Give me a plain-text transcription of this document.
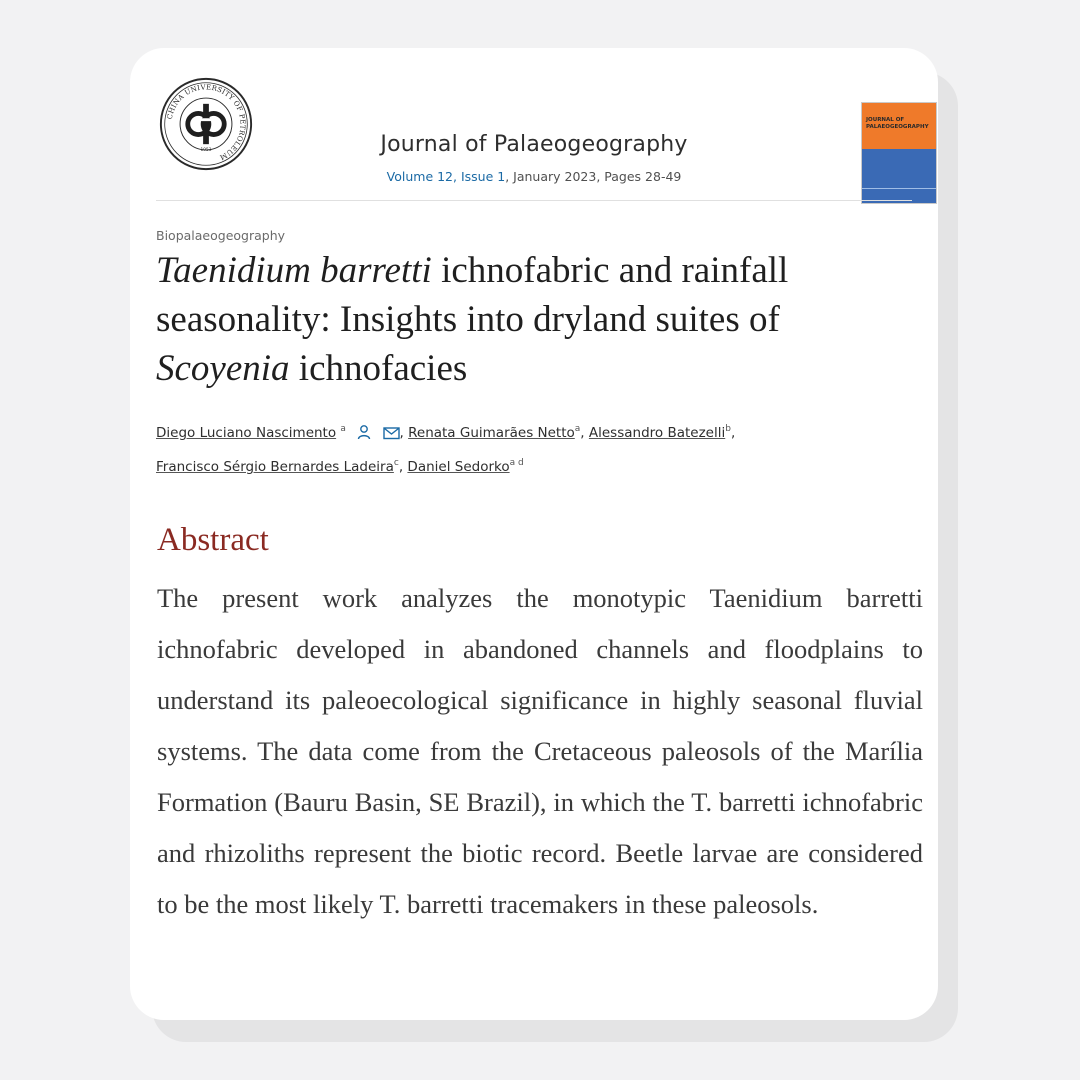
CHINA UNIVERSITY OF PETROLEUM
1953	Journal of Palaeogeography
Volume 12, Issue 1, January 2023, Pages 28-49
JOURNAL OF PALAEOGEOGRAPHY
Biopalaeogeography
Taenidium barretti ichnofabric and rainfall seasonality: Insights into dryland suites of Scoyenia ichnofacies
Diego Luciano Nascimento $^a$	, Renata Guimarães Netto$^a$, Alessandro Batezelli$^b$,
Francisco Sérgio Bernardes Ladeira$^c$, Daniel Sedorko$^{a d}$
Abstract

The present work analyzes the monotypic Taenidium barretti ichnofabric developed in abandoned channels and floodplains to understand its paleoecological significance in highly seasonal fluvial systems. The data come from the Cretaceous paleosols of the Marília Formation (Bauru Basin, SE Brazil), in which the T. barretti ichnofabric and rhizoliths represent the biotic record. Beetle larvae are considered to be the most likely T. barretti tracemakers in these paleosols.
